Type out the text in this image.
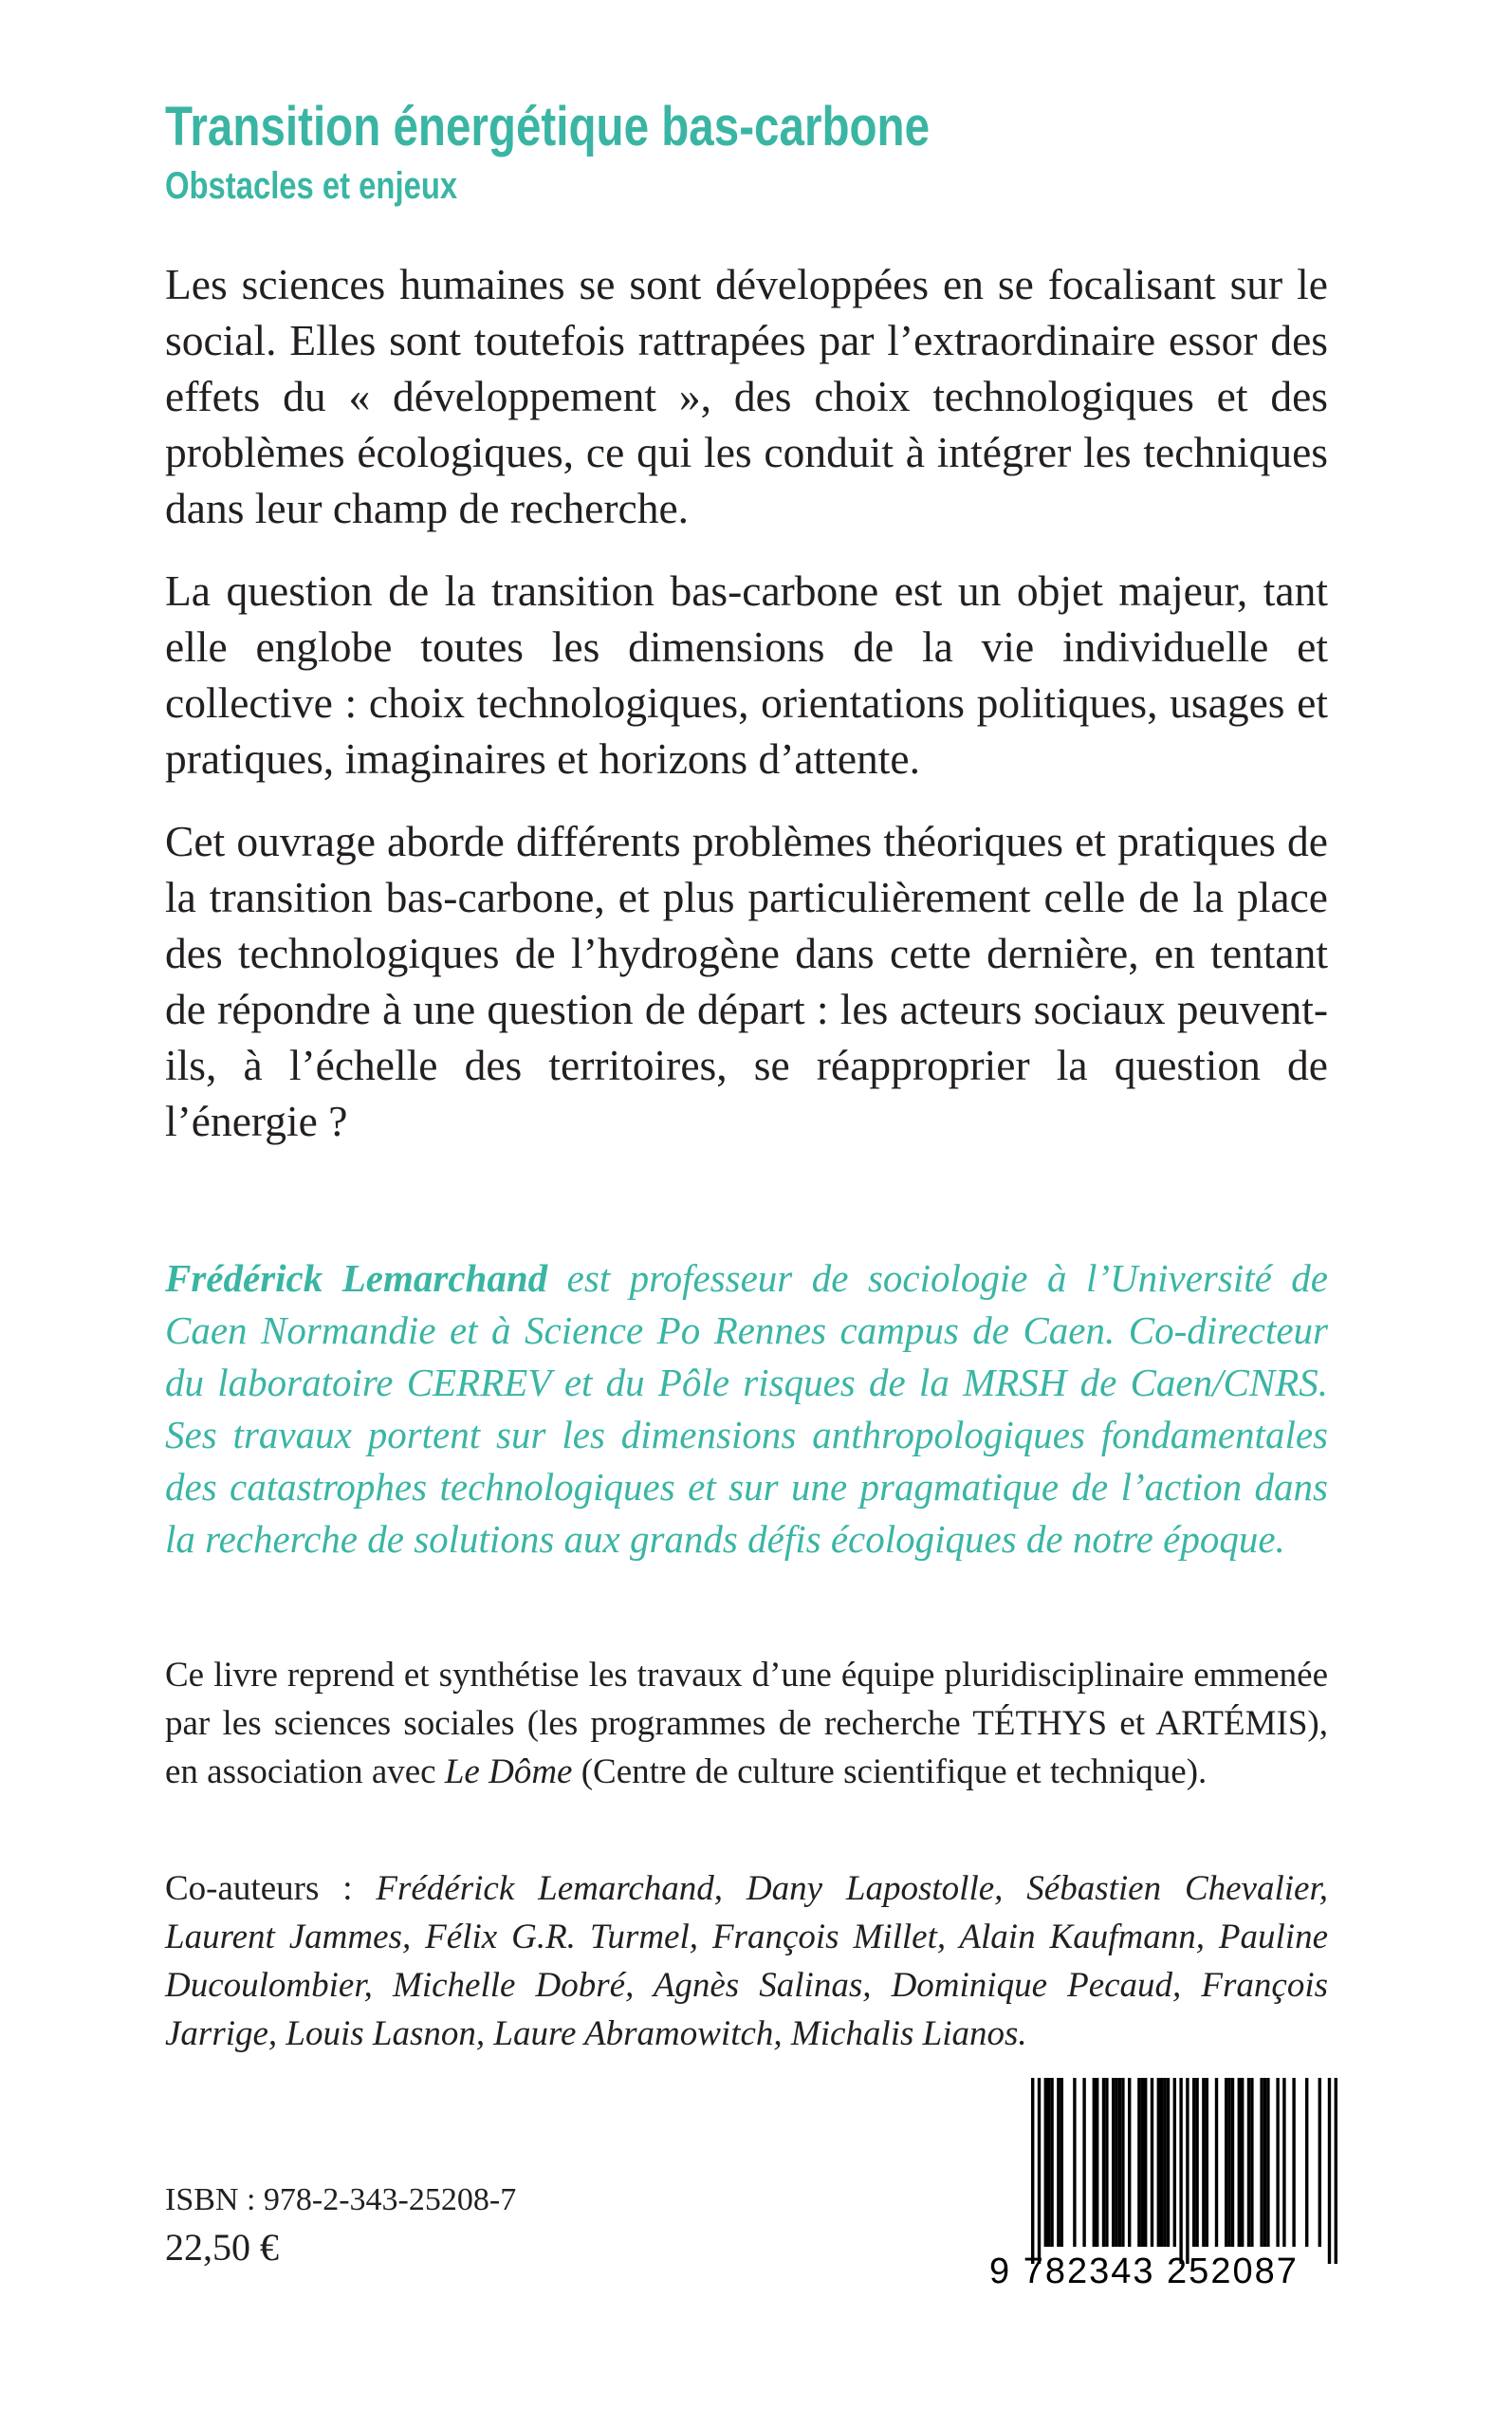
Transition énergétique bas-carbone
Obstacles et enjeux

Les sciences humaines se sont développées en se focalisant sur le social. Elles sont toutefois rattrapées par l’extraordinaire essor des effets du « développement », des choix technologiques et des problèmes écologiques, ce qui les conduit à intégrer les techniques dans leur champ de recherche.

La question de la transition bas-carbone est un objet majeur, tant elle englobe toutes les dimensions de la vie individuelle et collective : choix technologiques, orientations politiques, usages et pratiques, imaginaires et horizons d’attente.

Cet ouvrage aborde différents problèmes théoriques et pratiques de la transition bas-carbone, et plus particulièrement celle de la place des technologiques de l’hydrogène dans cette dernière, en tentant de répondre à une question de départ : les acteurs sociaux peuvent-ils, à l’échelle des territoires, se réapproprier la question de l’énergie ?

Frédérick Lemarchand est professeur de sociologie à l’Université de Caen Normandie et à Science Po Rennes campus de Caen. Co-directeur du laboratoire CERREV et du Pôle risques de la MRSH de Caen/CNRS. Ses travaux portent sur les dimensions anthropologiques fondamentales des catastrophes technologiques et sur une pragmatique de l’action dans la recherche de solutions aux grands défis écologiques de notre époque.

Ce livre reprend et synthétise les travaux d’une équipe pluridisciplinaire emmenée par les sciences sociales (les programmes de recherche TÉTHYS et ARTÉMIS), en association avec Le Dôme (Centre de culture scientifique et technique).

Co-auteurs : Frédérick Lemarchand, Dany Lapostolle, Sébastien Chevalier, Laurent Jammes, Félix G.R. Turmel, François Millet, Alain Kaufmann, Pauline Ducoulombier, Michelle Dobré, Agnès Salinas, Dominique Pecaud, François Jarrige, Louis Lasnon, Laure Abramowitch, Michalis Lianos.

ISBN : 978-2-343-25208-7
22,50 €
9 782343 252087
